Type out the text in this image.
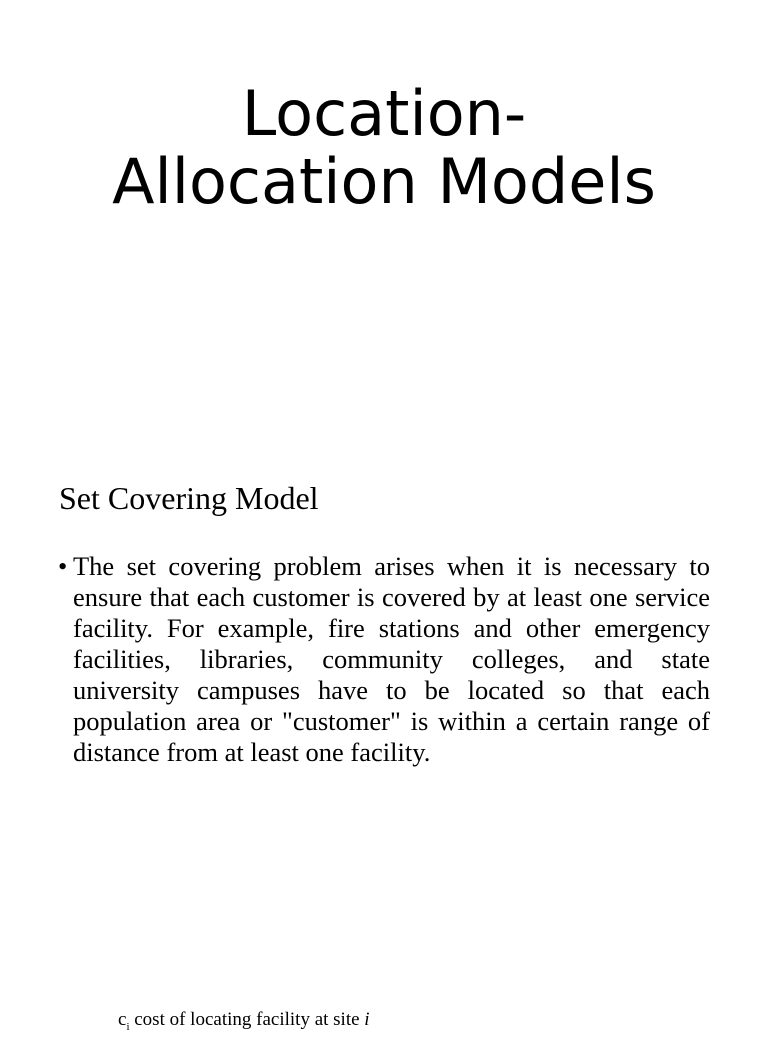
Location-
Allocation Models
Set Covering Model
• The set covering problem arises when it is necessary to ensure that each customer is covered by at least one service facility. For example, fire stations and other emergency facilities, libraries, community colleges, and state university campuses have to be located so that each population area or "customer" is within a certain range of distance from at least one facility.
$c_i$ cost of locating facility at site i
